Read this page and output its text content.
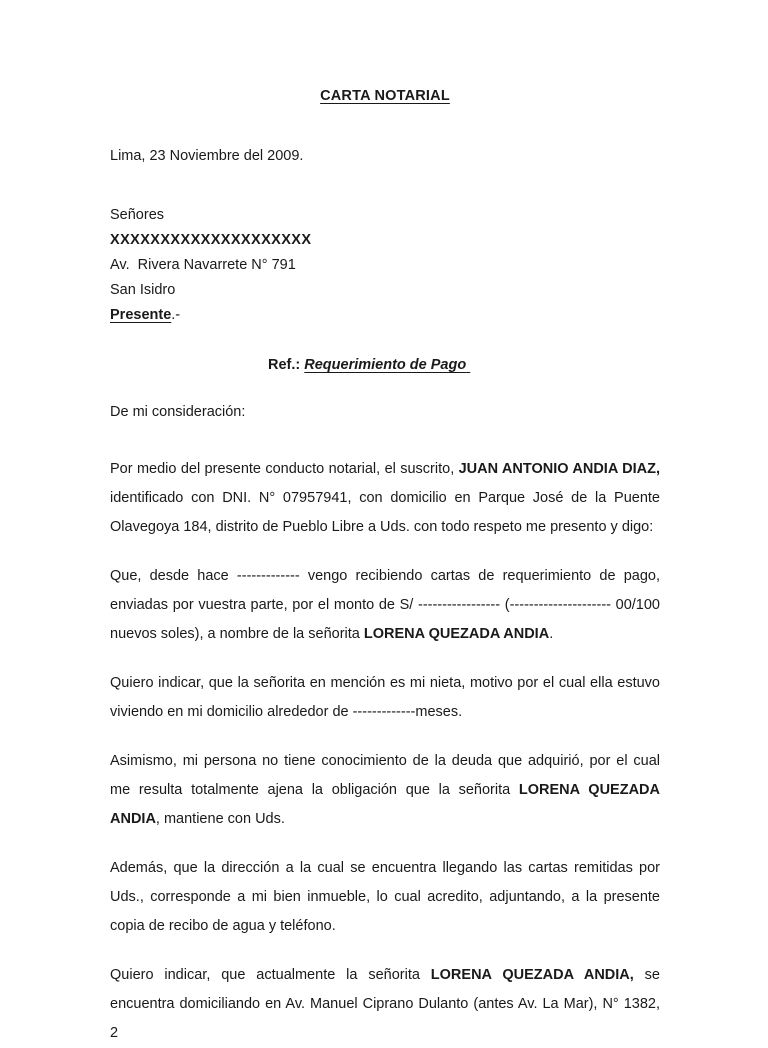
CARTA NOTARIAL

Lima, 23 Noviembre del 2009.

Señores

XXXXXXXXXXXXXXXXXXXX

Av.  Rivera Navarrete N° 791

San Isidro

Presente.-

Ref.: Requerimiento de Pago

De mi consideración:

Por medio del presente conducto notarial, el suscrito, JUAN ANTONIO ANDIA DIAZ, identificado con DNI. N° 07957941, con domicilio en Parque José de la Puente Olavegoya 184, distrito de Pueblo Libre a Uds. con todo respeto me presento y digo:

Que, desde hace ------------- vengo recibiendo cartas de requerimiento de pago, enviadas por vuestra parte, por el monto de S/ ----------------- (--------------------- 00/100 nuevos soles), a nombre de la señorita LORENA QUEZADA ANDIA.

Quiero indicar, que la señorita en mención es mi nieta, motivo por el cual ella estuvo viviendo en mi domicilio alrededor de -------------meses.

Asimismo, mi persona no tiene conocimiento de la deuda que adquirió, por el cual me resulta totalmente ajena la obligación que la señorita LORENA QUEZADA ANDIA, mantiene con Uds.

Además, que la dirección a la cual se encuentra llegando las cartas remitidas por Uds., corresponde a mi bien inmueble, lo cual acredito, adjuntando, a la presente copia de recibo de agua y teléfono.

Quiero indicar, que actualmente la señorita LORENA QUEZADA ANDIA, se encuentra domiciliando en Av. Manuel Ciprano Dulanto (antes Av. La Mar), N° 1382, 2
